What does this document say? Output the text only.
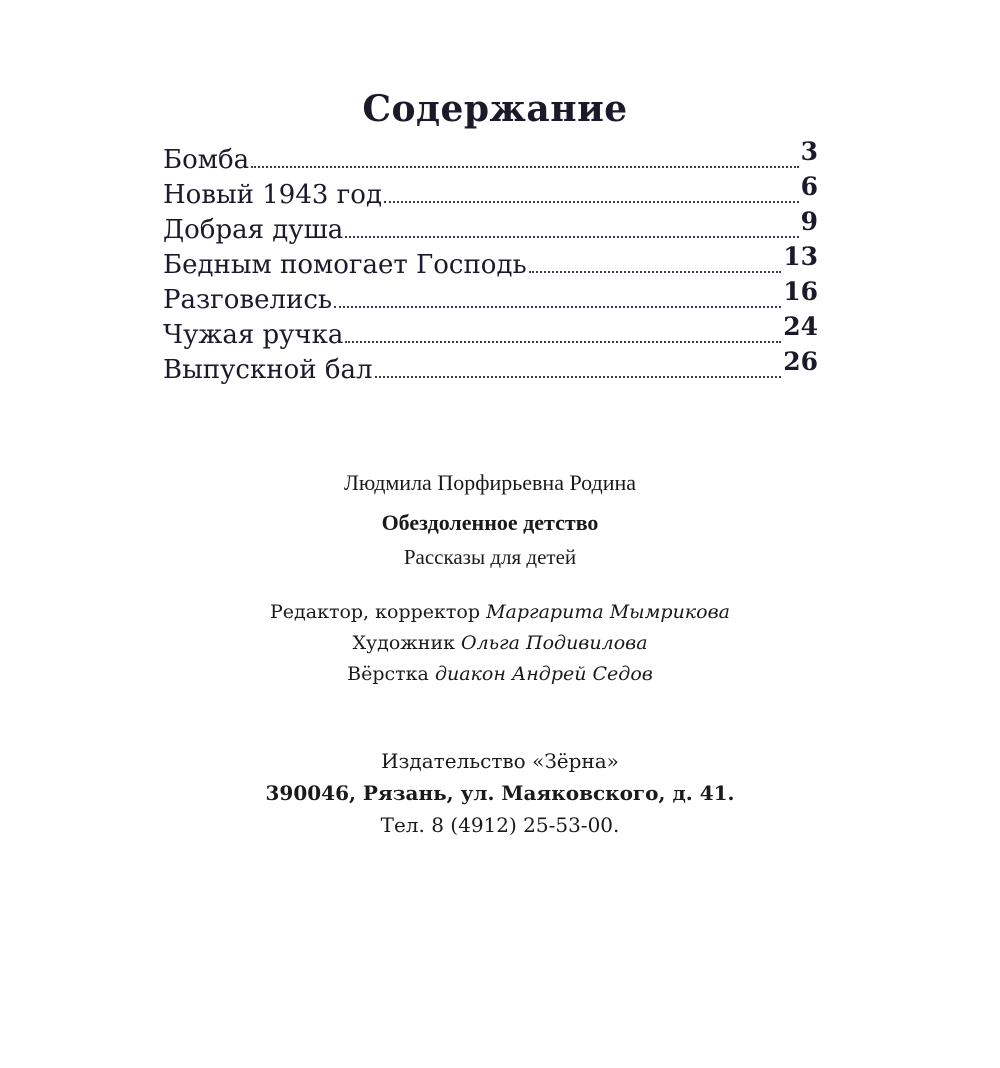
Содержание
Бомба	3
Новый 1943 год	6
Добрая душа	9
Бедным помогает Господь	13
Разговелись	16
Чужая ручка	24
Выпускной бал	26

Людмила Порфирьевна Родина

Обездоленное детство

Рассказы для детей

Редактор, корректор Маргарита Мымрикова
Художник Ольга Подивилова
Вёрстка диакон Андрей Седов
Издательство «Зёрна»
390046, Рязань, ул. Маяковского, д. 41.
Тел. 8 (4912) 25-53-00.
